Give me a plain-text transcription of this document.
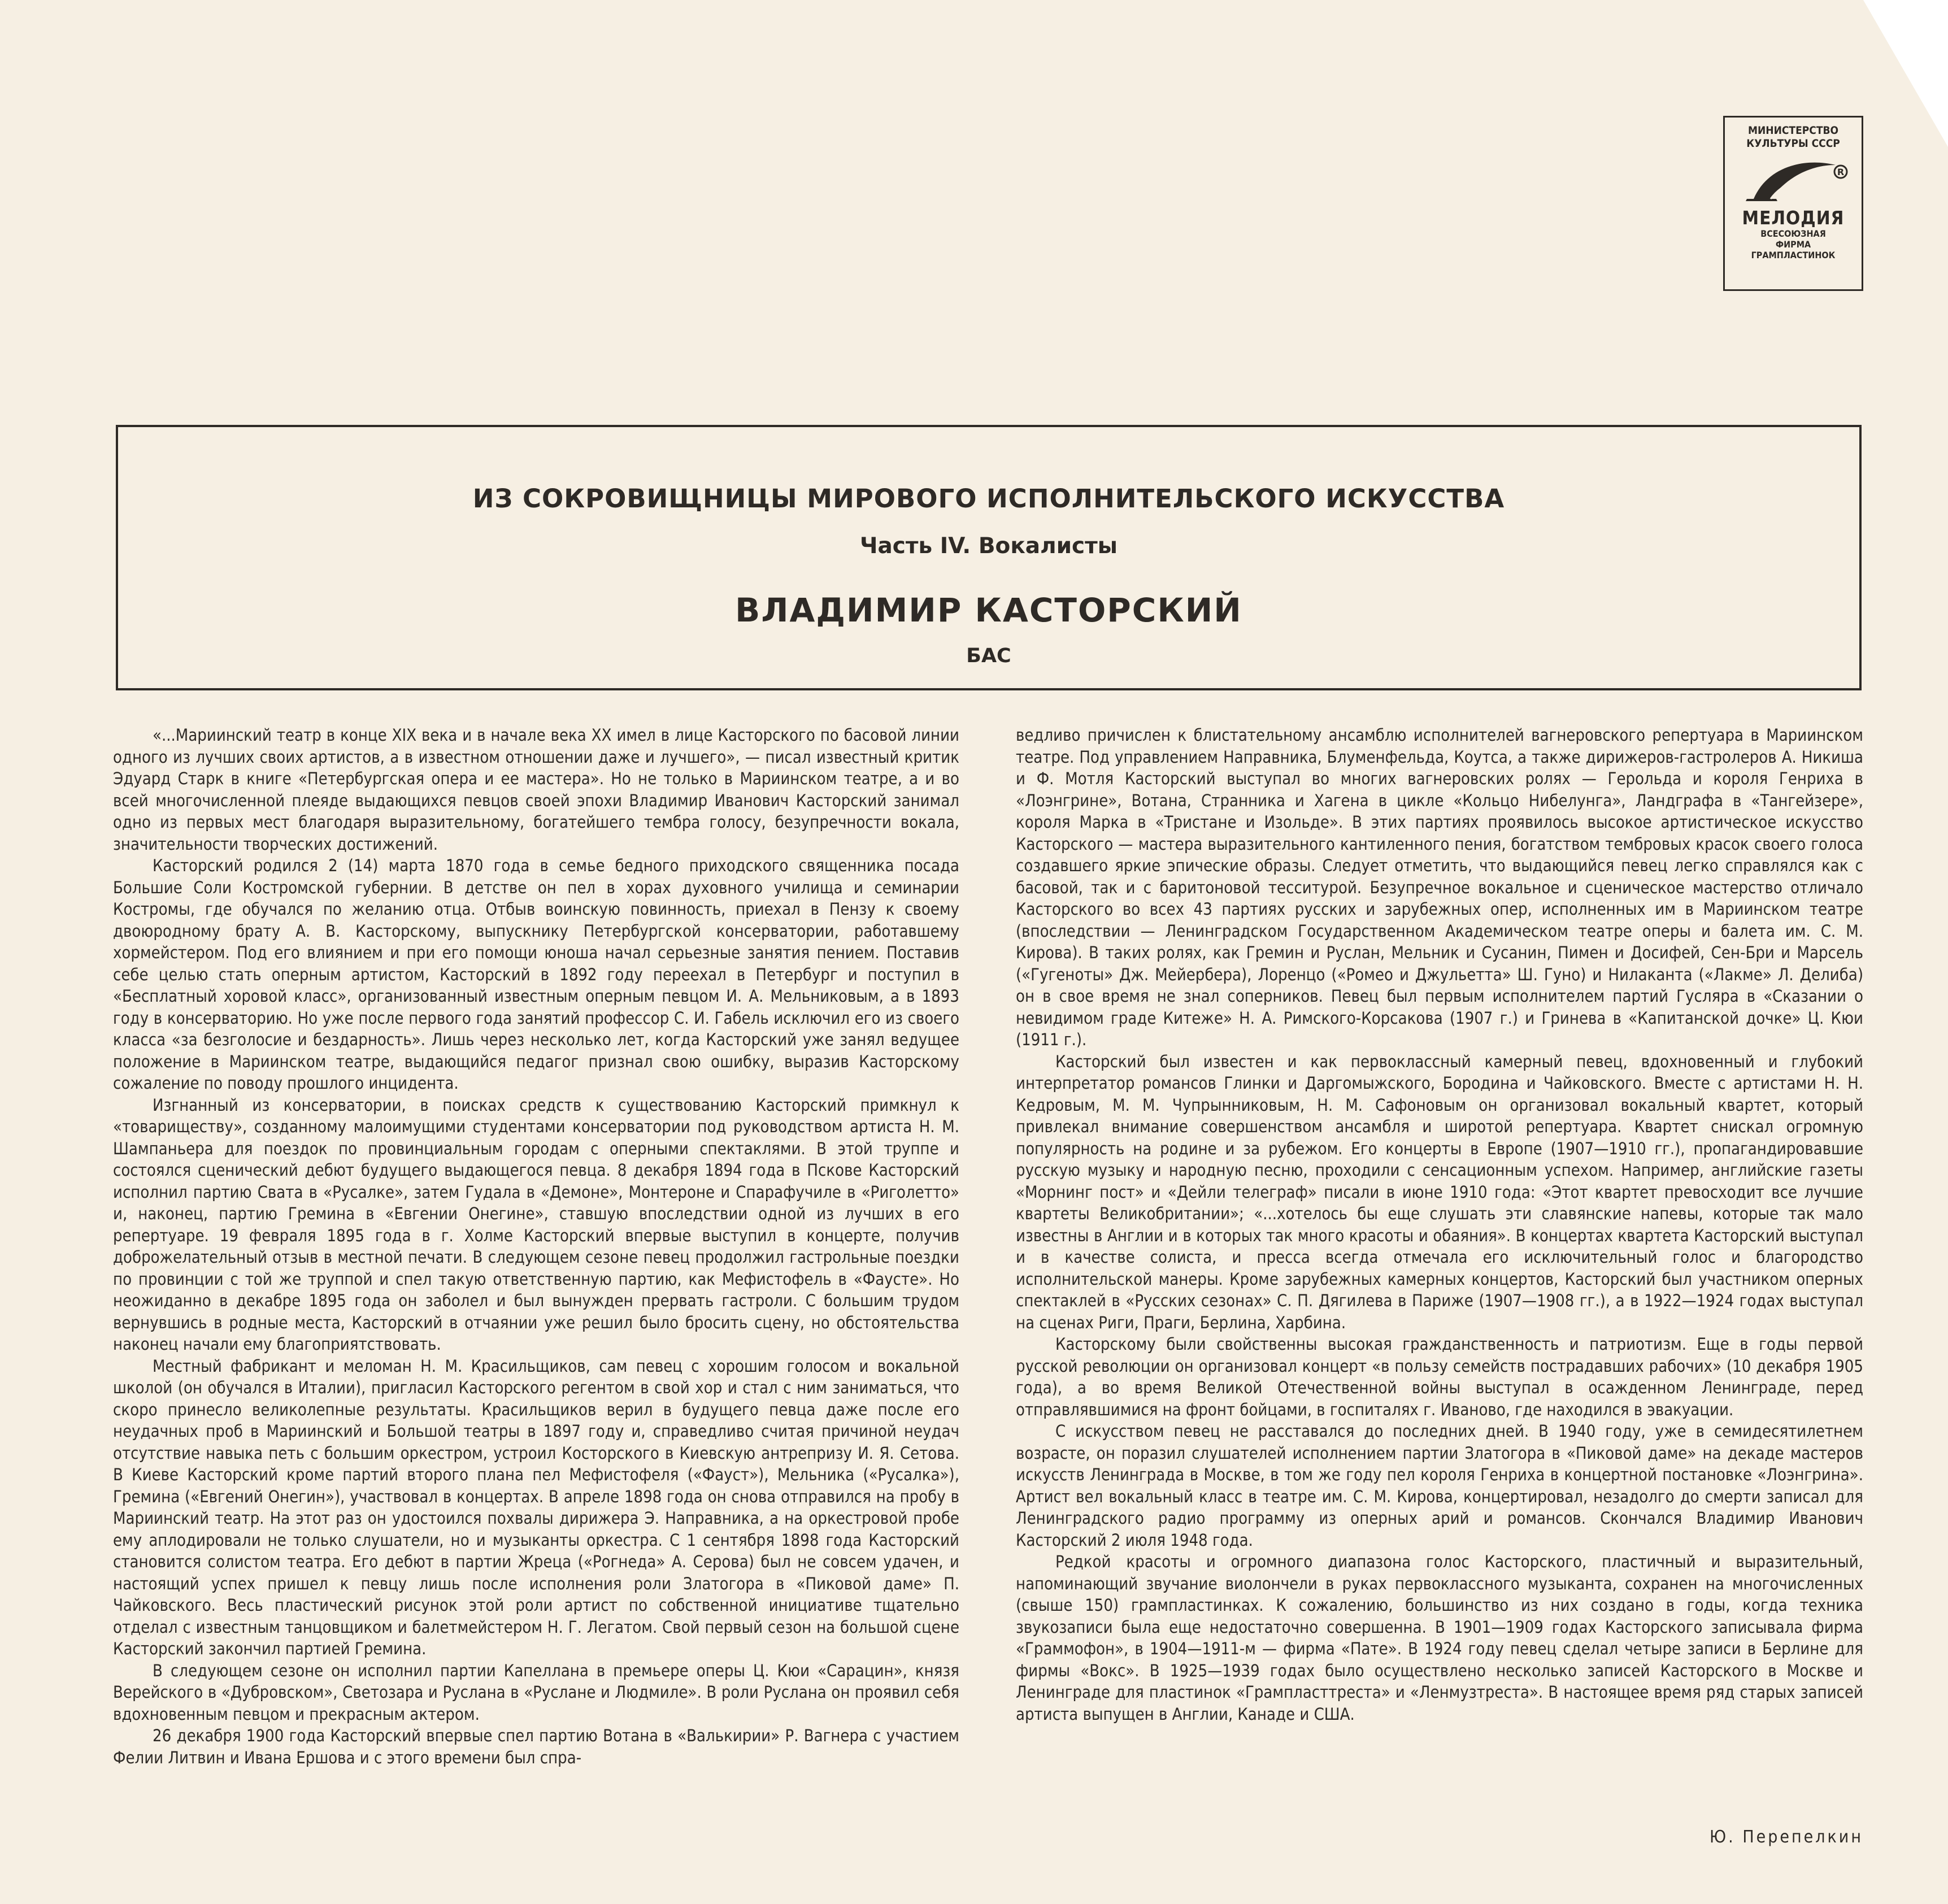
МИНИСТЕРСТВО
КУЛЬТУРЫ СССР
R
МЕЛОДИЯ
ВСЕСОЮЗНАЯ
ФИРМА
ГРАМПЛАСТИНОК
ИЗ СОКРОВИЩНИЦЫ МИРОВОГО ИСПОЛНИТЕЛЬСКОГО ИСКУССТВА
Часть IV. Вокалисты
ВЛАДИМИР КАСТОРСКИЙ
БАС

«...Мариинский театр в конце XIX века и в начале века XX имел в лице Касторского по басовой линии одного из лучших своих артистов, а в известном отношении даже и лучшего», — писал известный критик Эдуард Старк в книге «Петербургская опера и ее мастера». Но не только в Мариинском театре, а и во всей многочисленной плеяде выдающихся певцов своей эпохи Владимир Иванович Касторский занимал одно из первых мест благодаря выразительному, богатейшего тембра голосу, безупречности вокала, значительности творческих достижений.

Касторский родился 2 (14) марта 1870 года в семье бедного приходского священника посада Большие Соли Костромской губернии. В детстве он пел в хорах духовного училища и семинарии Костромы, где обучался по желанию отца. Отбыв воинскую повинность, приехал в Пензу к своему двоюродному брату А. В. Касторскому, выпускнику Петербургской консерватории, работавшему хормейстером. Под его влиянием и при его помощи юноша начал серьезные занятия пением. Поставив себе целью стать оперным артистом, Касторский в 1892 году переехал в Петербург и поступил в «Бесплатный хоровой класс», организованный известным оперным певцом И. А. Мельниковым, а в 1893 году в консерваторию. Но уже после первого года занятий профессор С. И. Габель исключил его из своего класса «за безголосие и бездарность». Лишь через несколько лет, когда Касторский уже занял ведущее положение в Мариинском театре, выдающийся педагог признал свою ошибку, выразив Касторскому сожаление по поводу прошлого инцидента.

Изгнанный из консерватории, в поисках средств к существованию Касторский примкнул к «товариществу», созданному малоимущими студентами консерватории под руководством артиста Н. М. Шампаньера для поездок по провинциальным городам с оперными спектаклями. В этой труппе и состоялся сценический дебют будущего выдающегося певца. 8 декабря 1894 года в Пскове Касторский исполнил партию Свата в «Русалке», затем Гудала в «Демоне», Монтероне и Спарафучиле в «Риголетто» и, наконец, партию Гремина в «Евгении Онегине», ставшую впоследствии одной из лучших в его репертуаре. 19 февраля 1895 года в г. Холме Касторский впервые выступил в концерте, получив доброжелательный отзыв в местной печати. В следующем сезоне певец продолжил гастрольные поездки по провинции с той же труппой и спел такую ответственную партию, как Мефистофель в «Фаусте». Но неожиданно в декабре 1895 года он заболел и был вынужден прервать гастроли. С большим трудом вернувшись в родные места, Касторский в отчаянии уже решил было бросить сцену, но обстоятельства наконец начали ему благоприятствовать.

Местный фабрикант и меломан Н. М. Красильщиков, сам певец с хорошим голосом и вокальной школой (он обучался в Италии), пригласил Касторского регентом в свой хор и стал с ним заниматься, что скоро принесло великолепные результаты. Красильщиков верил в будущего певца даже после его неудачных проб в Мариинский и Большой театры в 1897 году и, справедливо считая причиной неудач отсутствие навыка петь с большим оркестром, устроил Косторского в Киевскую антрепризу И. Я. Сетова. В Киеве Касторский кроме партий второго плана пел Мефистофеля («Фауст»), Мельника («Русалка»), Гремина («Евгений Онегин»), участвовал в концертах. В апреле 1898 года он снова отправился на пробу в Мариинский театр. На этот раз он удостоился похвалы дирижера Э. Направника, а на оркестровой пробе ему аплодировали не только слушатели, но и музыканты оркестра. С 1 сентября 1898 года Касторский становится солистом театра. Его дебют в партии Жреца («Рогнеда» А. Серова) был не совсем удачен, и настоящий успех пришел к певцу лишь после исполнения роли Златогора в «Пиковой даме» П. Чайковского. Весь пластический рисунок этой роли артист по собственной инициативе тщательно отделал с известным танцовщиком и балетмейстером Н. Г. Легатом. Свой первый сезон на большой сцене Касторский закончил партией Гремина.

В следующем сезоне он исполнил партии Капеллана в премьере оперы Ц. Кюи «Сарацин», князя Верейского в «Дубровском», Светозара и Руслана в «Руслане и Людмиле». В роли Руслана он проявил себя вдохновенным певцом и прекрасным актером.

26 декабря 1900 года Касторский впервые спел партию Вотана в «Валькирии» Р. Вагнера с участием Фелии Литвин и Ивана Ершова и с этого времени был спра-

ведливо причислен к блистательному ансамблю исполнителей вагнеровского репертуара в Мариинском театре. Под управлением Направника, Блуменфельда, Коутса, а также дирижеров-гастролеров А. Никиша и Ф. Мотля Касторский выступал во многих вагнеровских ролях — Герольда и короля Генриха в «Лоэнгрине», Вотана, Странника и Хагена в цикле «Кольцо Нибелунга», Ландграфа в «Тангейзере», короля Марка в «Тристане и Изольде». В этих партиях проявилось высокое артистическое искусство Касторского — мастера выразительного кантиленного пения, богатством тембровых красок своего голоса создавшего яркие эпические образы. Следует отметить, что выдающийся певец легко справлялся как с басовой, так и с баритоновой тесситурой. Безупречное вокальное и сценическое мастерство отличало Касторского во всех 43 партиях русских и зарубежных опер, исполненных им в Мариинском театре (впоследствии — Ленинградском Государственном Академическом театре оперы и балета им. С. М. Кирова). В таких ролях, как Гремин и Руслан, Мельник и Сусанин, Пимен и Досифей, Сен-Бри и Марсель («Гугеноты» Дж. Мейербера), Лоренцо («Ромео и Джульетта» Ш. Гуно) и Нилаканта («Лакме» Л. Делиба) он в свое время не знал соперников. Певец был первым исполнителем партий Гусляра в «Сказании о невидимом граде Китеже» Н. А. Римского-Корсакова (1907 г.) и Гринева в «Капитанской дочке» Ц. Кюи (1911 г.).

Касторский был известен и как первоклассный камерный певец, вдохновенный и глубокий интерпретатор романсов Глинки и Даргомыжского, Бородина и Чайковского. Вместе с артистами Н. Н. Кедровым, М. М. Чупрынниковым, Н. М. Сафоновым он организовал вокальный квартет, который привлекал внимание совершенством ансамбля и широтой репертуара. Квартет снискал огромную популярность на родине и за рубежом. Его концерты в Европе (1907—1910 гг.), пропагандировавшие русскую музыку и народную песню, проходили с сенсационным успехом. Например, английские газеты «Морнинг пост» и «Дейли телеграф» писали в июне 1910 года: «Этот квартет превосходит все лучшие квартеты Великобритании»; «...хотелось бы еще слушать эти славянские напевы, которые так мало известны в Англии и в которых так много красоты и обаяния». В концертах квартета Касторский выступал и в качестве солиста, и пресса всегда отмечала его исключительный голос и благородство исполнительской манеры. Кроме зарубежных камерных концертов, Касторский был участником оперных спектаклей в «Русских сезонах» С. П. Дягилева в Париже (1907—1908 гг.), а в 1922—1924 годах выступал на сценах Риги, Праги, Берлина, Харбина.

Касторскому были свойственны высокая гражданственность и патриотизм. Еще в годы первой русской революции он организовал концерт «в пользу семейств пострадавших рабочих» (10 декабря 1905 года), а во время Великой Отечественной войны выступал в осажденном Ленинграде, перед отправлявшимися на фронт бойцами, в госпиталях г. Иваново, где находился в эвакуации.

С искусством певец не расставался до последних дней. В 1940 году, уже в семидесятилетнем возрасте, он поразил слушателей исполнением партии Златогора в «Пиковой даме» на декаде мастеров искусств Ленинграда в Москве, в том же году пел короля Генриха в концертной постановке «Лоэнгрина». Артист вел вокальный класс в театре им. С. М. Кирова, концертировал, незадолго до смерти записал для Ленинградского радио программу из оперных арий и романсов. Скончался Владимир Иванович Касторский 2 июля 1948 года.

Редкой красоты и огромного диапазона голос Касторского, пластичный и выразительный, напоминающий звучание виолончели в руках первоклассного музыканта, сохранен на многочисленных (свыше 150) грампластинках. К сожалению, большинство из них создано в годы, когда техника звукозаписи была еще недостаточно совершенна. В 1901—1909 годах Касторского записывала фирма «Граммофон», в 1904—1911-м — фирма «Пате». В 1924 году певец сделал четыре записи в Берлине для фирмы «Вокс». В 1925—1939 годах было осуществлено несколько записей Касторского в Москве и Ленинграде для пластинок «Грампласттреста» и «Ленмузтреста». В настоящее время ряд старых записей артиста выпущен в Англии, Канаде и США.

Ю. Перепелкин
